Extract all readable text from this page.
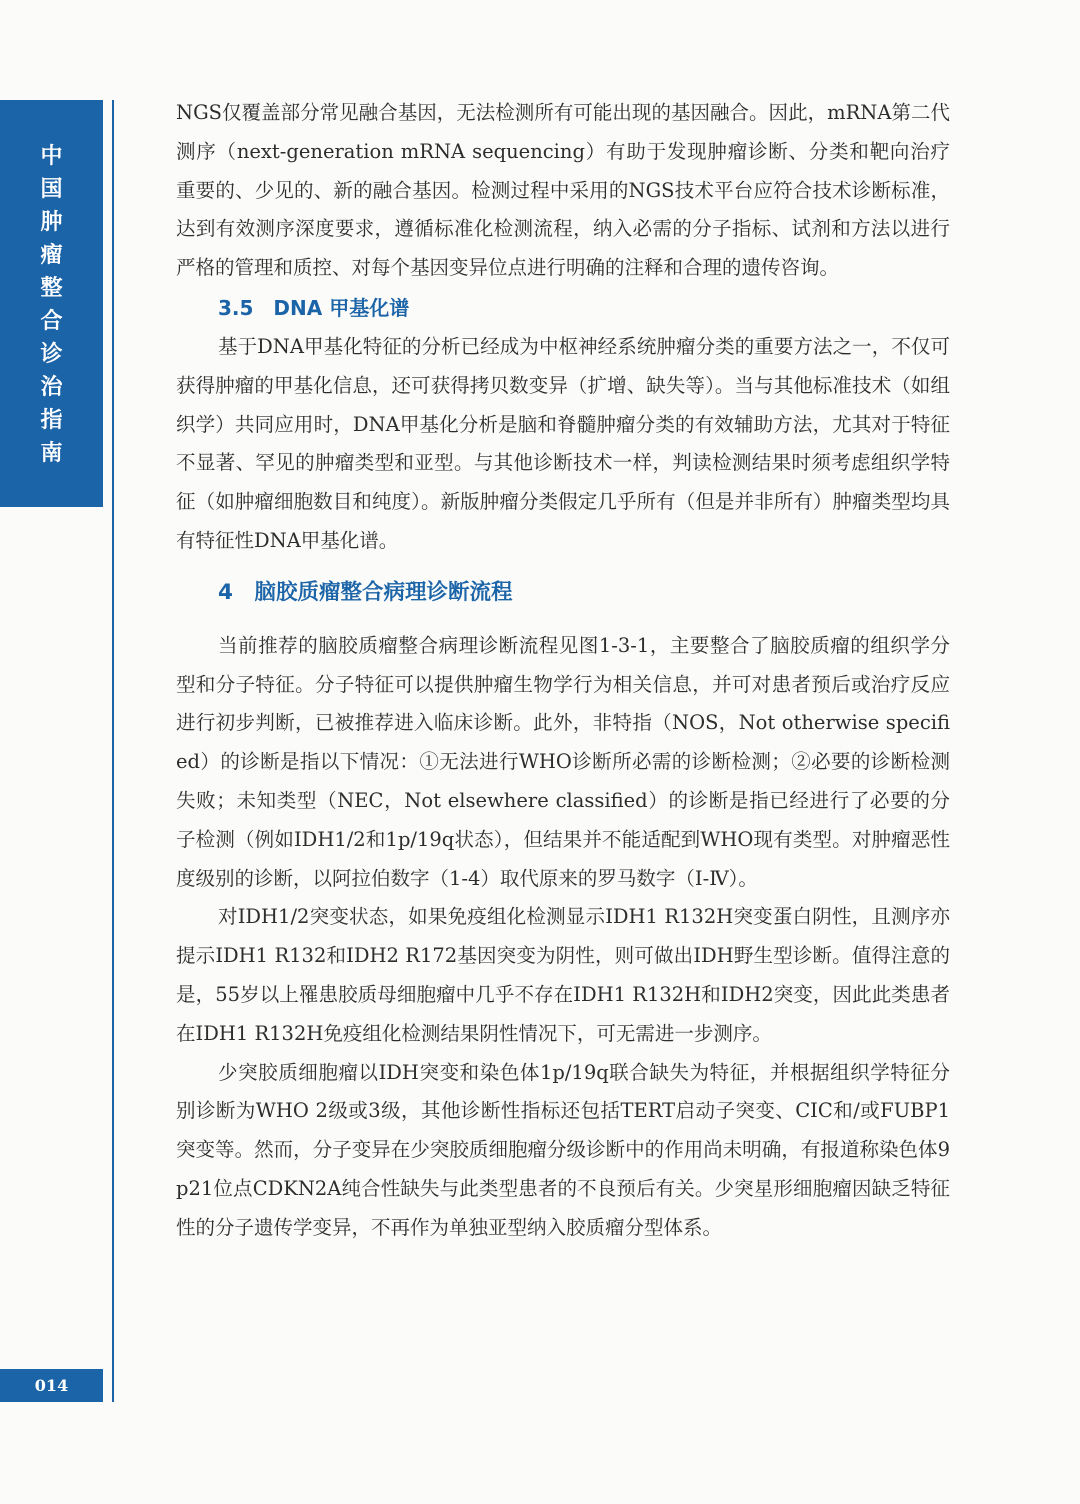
中
国
肿
瘤
整
合
诊
治
指
南
014

NGS仅覆盖部分常见融合基因，无法检测所有可能出现的基因融合。因此，mRNA第二代测序（next-generation mRNA sequencing）有助于发现肿瘤诊断、分类和靶向治疗重要的、少见的、新的融合基因。检测过程中采用的NGS技术平台应符合技术诊断标准，达到有效测序深度要求，遵循标准化检测流程，纳入必需的分子指标、试剂和方法以进行严格的管理和质控、对每个基因变异位点进行明确的注释和合理的遗传咨询。

3.5　DNA 甲基化谱

基于DNA甲基化特征的分析已经成为中枢神经系统肿瘤分类的重要方法之一，不仅可获得肿瘤的甲基化信息，还可获得拷贝数变异（扩增、缺失等）。当与其他标准技术（如组织学）共同应用时，DNA甲基化分析是脑和脊髓肿瘤分类的有效辅助方法，尤其对于特征不显著、罕见的肿瘤类型和亚型。与其他诊断技术一样，判读检测结果时须考虑组织学特征（如肿瘤细胞数目和纯度）。新版肿瘤分类假定几乎所有（但是并非所有）肿瘤类型均具有特征性DNA甲基化谱。

4　脑胶质瘤整合病理诊断流程

当前推荐的脑胶质瘤整合病理诊断流程见图1-3-1，主要整合了脑胶质瘤的组织学分型和分子特征。分子特征可以提供肿瘤生物学行为相关信息，并可对患者预后或治疗反应进行初步判断，已被推荐进入临床诊断。此外，非特指（NOS，Not otherwise specified）的诊断是指以下情况：①无法进行WHO诊断所必需的诊断检测；②必要的诊断检测失败；未知类型（NEC，Not elsewhere classified）的诊断是指已经进行了必要的分子检测（例如IDH1/2和1p/19q状态），但结果并不能适配到WHO现有类型。对肿瘤恶性度级别的诊断，以阿拉伯数字（1-4）取代原来的罗马数字（Ⅰ-Ⅳ）。

对IDH1/2突变状态，如果免疫组化检测显示IDH1 R132H突变蛋白阴性，且测序亦提示IDH1 R132和IDH2 R172基因突变为阴性，则可做出IDH野生型诊断。值得注意的是，55岁以上罹患胶质母细胞瘤中几乎不存在IDH1 R132H和IDH2突变，因此此类患者在IDH1 R132H免疫组化检测结果阴性情况下，可无需进一步测序。

少突胶质细胞瘤以IDH突变和染色体1p/19q联合缺失为特征，并根据组织学特征分别诊断为WHO 2级或3级，其他诊断性指标还包括TERT启动子突变、CIC和/或FUBP1突变等。然而，分子变异在少突胶质细胞瘤分级诊断中的作用尚未明确，有报道称染色体9p21位点CDKN2A纯合性缺失与此类型患者的不良预后有关。少突星形细胞瘤因缺乏特征性的分子遗传学变异，不再作为单独亚型纳入胶质瘤分型体系。
